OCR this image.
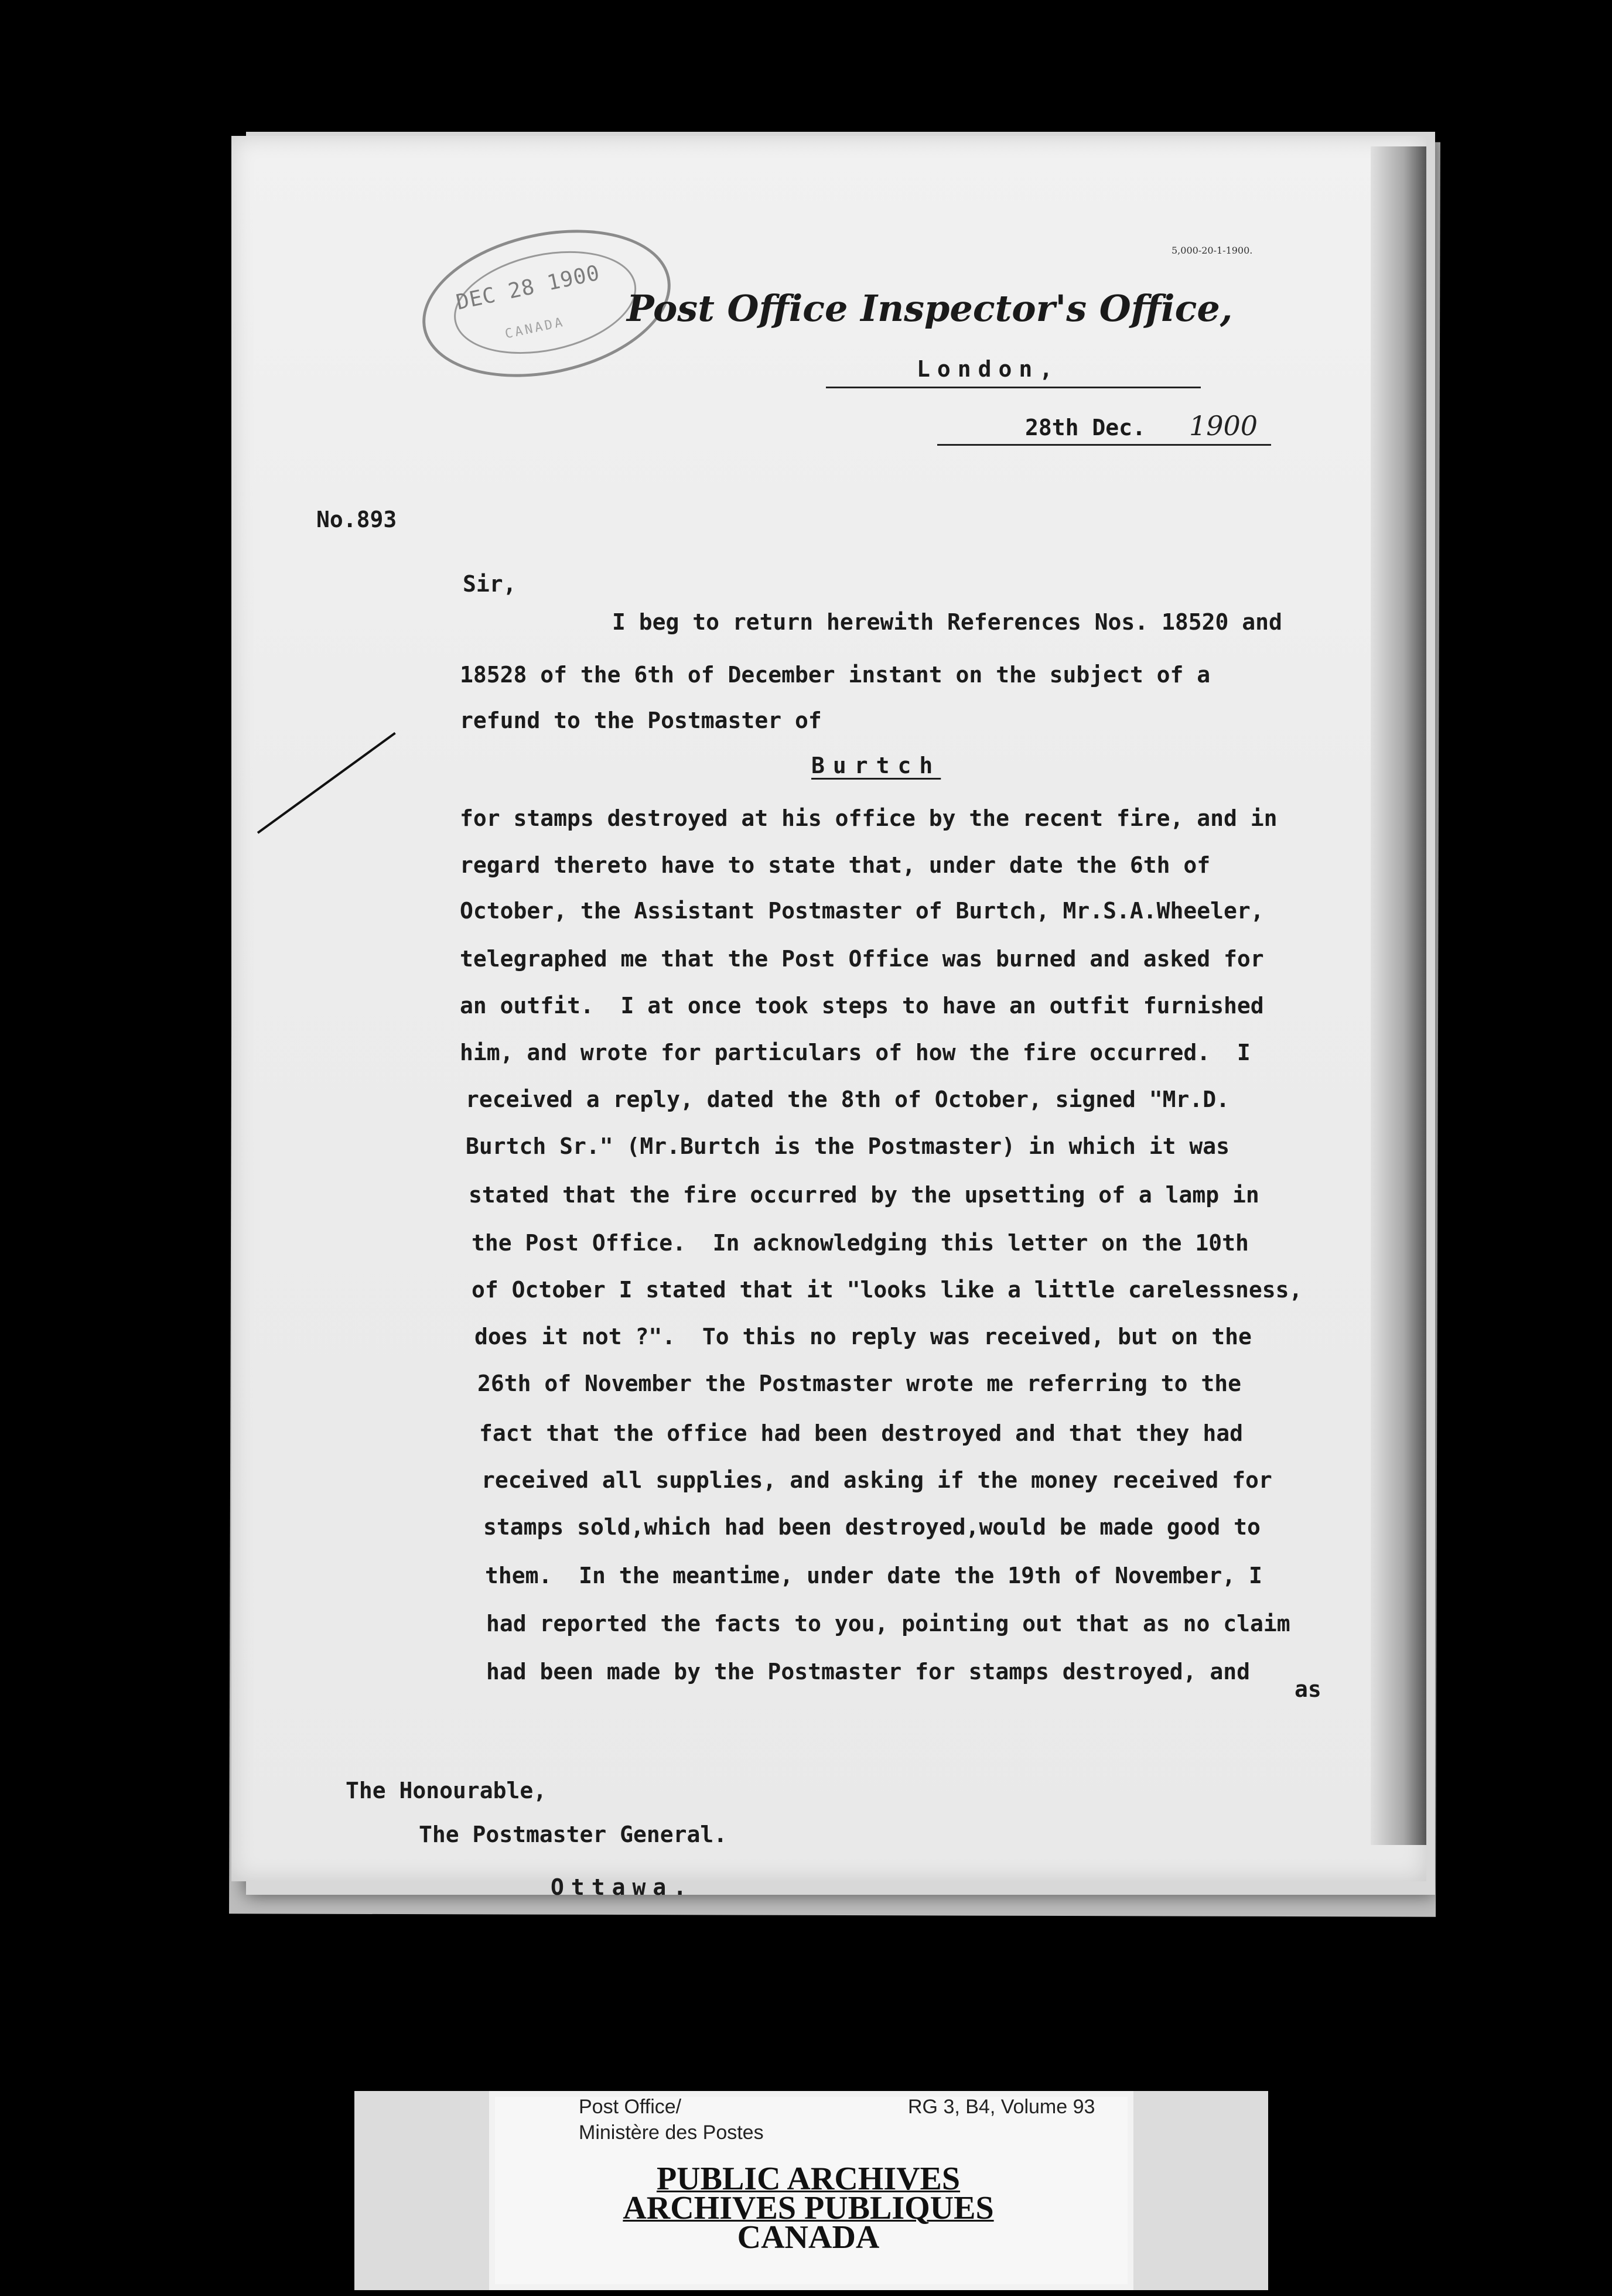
5,000-20-1-1900.
DEC 28 1900
CANADA Post Office Inspector's Office,
London,
28th Dec. 1900
No.893
Sir,
I beg to return herewith References Nos. 18520 and
18528 of the 6th of December instant on the subject of a
refund to the Postmaster of
Burtch
for stamps destroyed at his office by the recent fire, and in
regard thereto have to state that, under date the 6th of
October, the Assistant Postmaster of Burtch, Mr.S.A.Wheeler,
telegraphed me that the Post Office was burned and asked for
an outfit.  I at once took steps to have an outfit furnished
him, and wrote for particulars of how the fire occurred.  I
received a reply, dated the 8th of October, signed "Mr.D.
Burtch Sr." (Mr.Burtch is the Postmaster) in which it was
stated that the fire occurred by the upsetting of a lamp in
the Post Office.  In acknowledging this letter on the 10th
of October I stated that it "looks like a little carelessness,
does it not ?".  To this no reply was received, but on the
26th of November the Postmaster wrote me referring to the
fact that the office had been destroyed and that they had
received all supplies, and asking if the money received for
stamps sold,which had been destroyed,would be made good to
them.  In the meantime, under date the 19th of November, I
had reported the facts to you, pointing out that as no claim
had been made by the Postmaster for stamps destroyed, and
as
The Honourable,
The Postmaster General.
Ottawa.
Post Office/
Ministère des Postes
RG 3, B4, Volume 93
PUBLIC ARCHIVES
ARCHIVES PUBLIQUES
CANADA
